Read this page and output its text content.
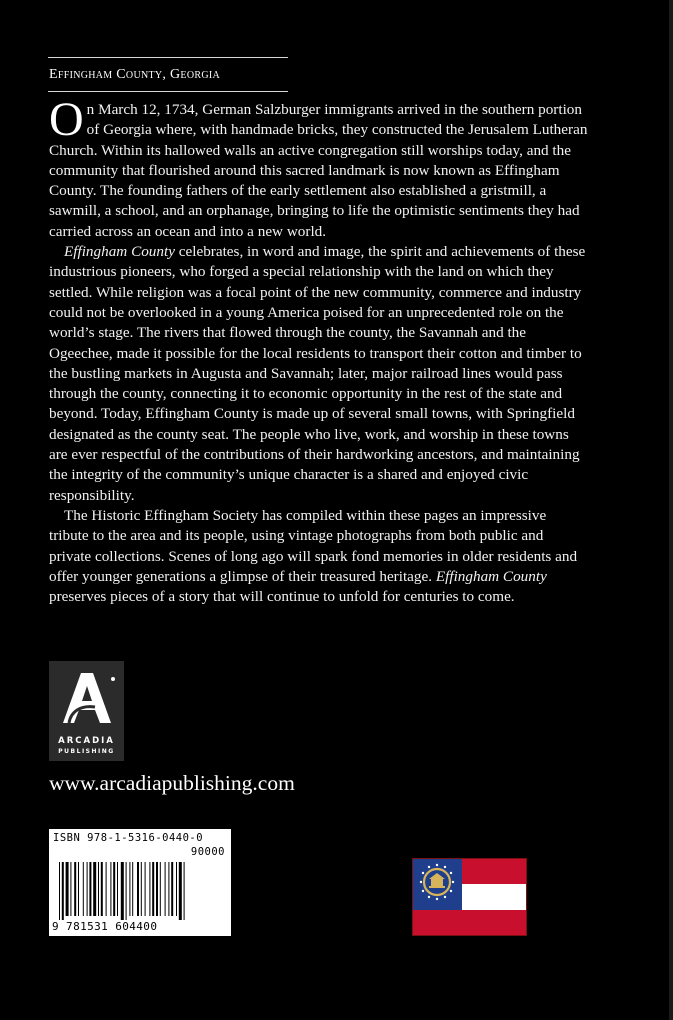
Effingham County, Georgia

On March 12, 1734, German Salzburger immigrants arrived in the southern portion of Georgia where, with handmade bricks, they constructed the Jerusalem Lutheran Church. Within its hallowed walls an active congregation still worships today, and the community that flourished around this sacred landmark is now known as Effingham County. The founding fathers of the early settlement also established a gristmill, a sawmill, a school, and an orphanage, bringing to life the optimistic sentiments they had carried across an ocean and into a new world.

Effingham County celebrates, in word and image, the spirit and achievements of these industrious pioneers, who forged a special relationship with the land on which they settled. While religion was a focal point of the new community, commerce and industry could not be overlooked in a young America poised for an unprecedented role on the world’s stage. The rivers that flowed through the county, the Savannah and the Ogeechee, made it possible for the local residents to transport their cotton and timber to the bustling markets in Augusta and Savannah; later, major railroad lines would pass through the county, connecting it to economic opportunity in the rest of the state and beyond. Today, Effingham County is made up of several small towns, with Springfield designated as the county seat. The people who live, work, and worship in these towns are ever respectful of the contributions of their hardworking ancestors, and maintaining the integrity of the community’s unique character is a shared and enjoyed civic responsibility.

The Historic Effingham Society has compiled within these pages an impressive tribute to the area and its people, using vintage photographs from both public and private collections. Scenes of long ago will spark fond memories in older residents and offer younger generations a glimpse of their treasured heritage. Effingham County preserves pieces of a story that will continue to unfold for centuries to come.

ARCADIA
PUBLISHING
www.arcadiapublishing.com
ISBN 978-1-5316-0440-0
90000
9 781531 604400
